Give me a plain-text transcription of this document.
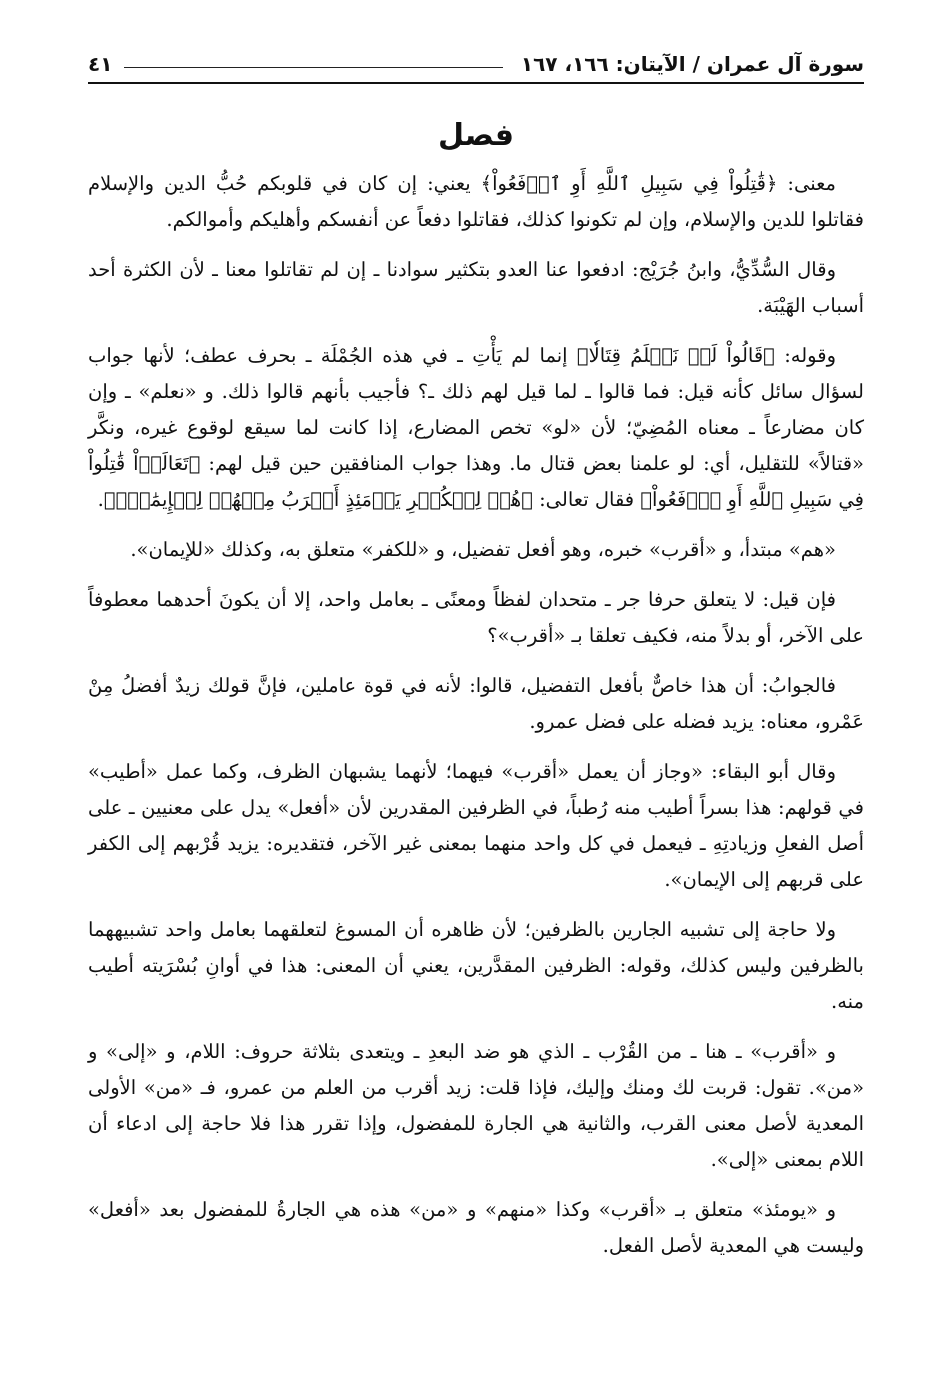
سورة آل عمران / الآيتان: ١٦٦، ١٦٧
٤١
فصل

معنى: ﴿قَٰتِلُواْ فِي سَبِيلِ ٱللَّهِ أَوِ ٱدۡفَعُواْ﴾ يعني: إن كان في قلوبكم حُبُّ الدين والإسلام فقاتلوا للدين والإسلام، وإن لم تكونوا كذلك، فقاتلوا دفعاً عن أنفسكم وأهليكم وأموالكم.

وقال السُّدِّيُّ، وابنُ جُرَيْج: ادفعوا عنا العدو بتكثير سوادنا ـ إن لم تقاتلوا معنا ـ لأن الكثرة أحد أسباب الهَيْبَة.

وقوله: ﴿قَالُواْ لَوۡ نَعۡلَمُ قِتَالٗا﴾ إنما لم يَأْتِ ـ في هذه الجُمْلَة ـ بحرف عطف؛ لأنها جواب لسؤال سائل كأنه قيل: فما قالوا ـ لما قيل لهم ذلك ـ؟ فأجيب بأنهم قالوا ذلك. و «نعلم» ـ وإن كان مضارعاً ـ معناه المُضِيّ؛ لأن «لو» تخص المضارع، إذا كانت لما سيقع لوقوع غيره، ونكَّر «قتالاً» للتقليل، أي: لو علمنا بعض قتال ما. وهذا جواب المنافقين حين قيل لهم: ﴿تَعَالَوۡاْ قَٰتِلُواْ فِي سَبِيلِ ٱللَّهِ أَوِ ٱدۡفَعُواْ﴾ فقال تعالى: ﴿هُمۡ لِلۡكُفۡرِ يَوۡمَئِذٍ أَقۡرَبُ مِنۡهُمۡ لِلۡإِيمَٰنِۚ﴾.

«هم» مبتدأ، و «أقرب» خبره، وهو أفعل تفضيل، و «للكفر» متعلق به، وكذلك «للإيمان».

فإن قيل: لا يتعلق حرفا جر ـ متحدان لفظاً ومعنًى ـ بعامل واحد، إلا أن يكونَ أحدهما معطوفاً على الآخر، أو بدلاً منه، فكيف تعلقا بـ «أقرب»؟

فالجوابُ: أن هذا خاصٌّ بأفعل التفضيل، قالوا: لأنه في قوة عاملين، فإنَّ قولك زيدٌ أفضلُ مِنْ عَمْرو، معناه: يزيد فضله على فضل عمرو.

وقال أبو البقاء: «وجاز أن يعمل «أقرب» فيهما؛ لأنهما يشبهان الظرف، وكما عمل «أطيب» في قولهم: هذا بسراً أطيب منه رُطباً، في الظرفين المقدرين لأن «أفعل» يدل على معنيين ـ على أصل الفعلِ وزيادتِهِ ـ فيعمل في كل واحد منهما بمعنى غير الآخر، فتقديره: يزيد قُرْبهم إلى الكفر على قربهم إلى الإيمان».

ولا حاجة إلى تشبيه الجارين بالظرفين؛ لأن ظاهره أن المسوغ لتعلقهما بعامل واحد تشبيههما بالظرفين وليس كذلك، وقوله: الظرفين المقدَّرين، يعني أن المعنى: هذا في أوانِ بُسْرَيته أطيب منه.

و «أقرب» ـ هنا ـ من القُرْب ـ الذي هو ضد البعدِ ـ ويتعدى بثلاثة حروف: اللام، و «إلى» و «من». تقول: قربت لك ومنك وإليك، فإذا قلت: زيد أقرب من العلم من عمرو، فـ «من» الأولى المعدية لأصل معنى القرب، والثانية هي الجارة للمفضول، وإذا تقرر هذا فلا حاجة إلى ادعاء أن اللام بمعنى «إلى».

و «يومئذ» متعلق بـ «أقرب» وكذا «منهم» و «من» هذه هي الجارةُ للمفضول بعد «أفعل» وليست هي المعدية لأصل الفعل.
